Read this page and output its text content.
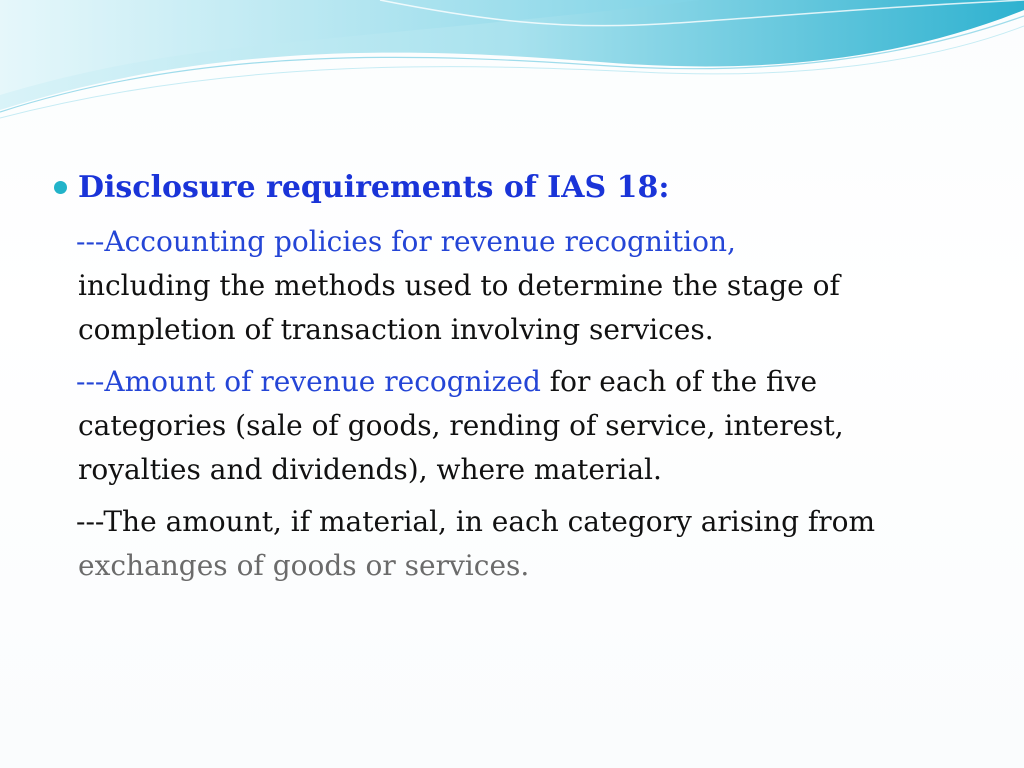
Disclosure requirements of IAS 18:
---Accounting policies for revenue recognition,
including the methods used to determine the stage of
completion of transaction involving services.
---Amount of revenue recognized for each of the five
categories (sale of goods, rending of service, interest,
royalties and dividends), where material.
---The amount, if material, in each category arising from
exchanges of goods or services.
